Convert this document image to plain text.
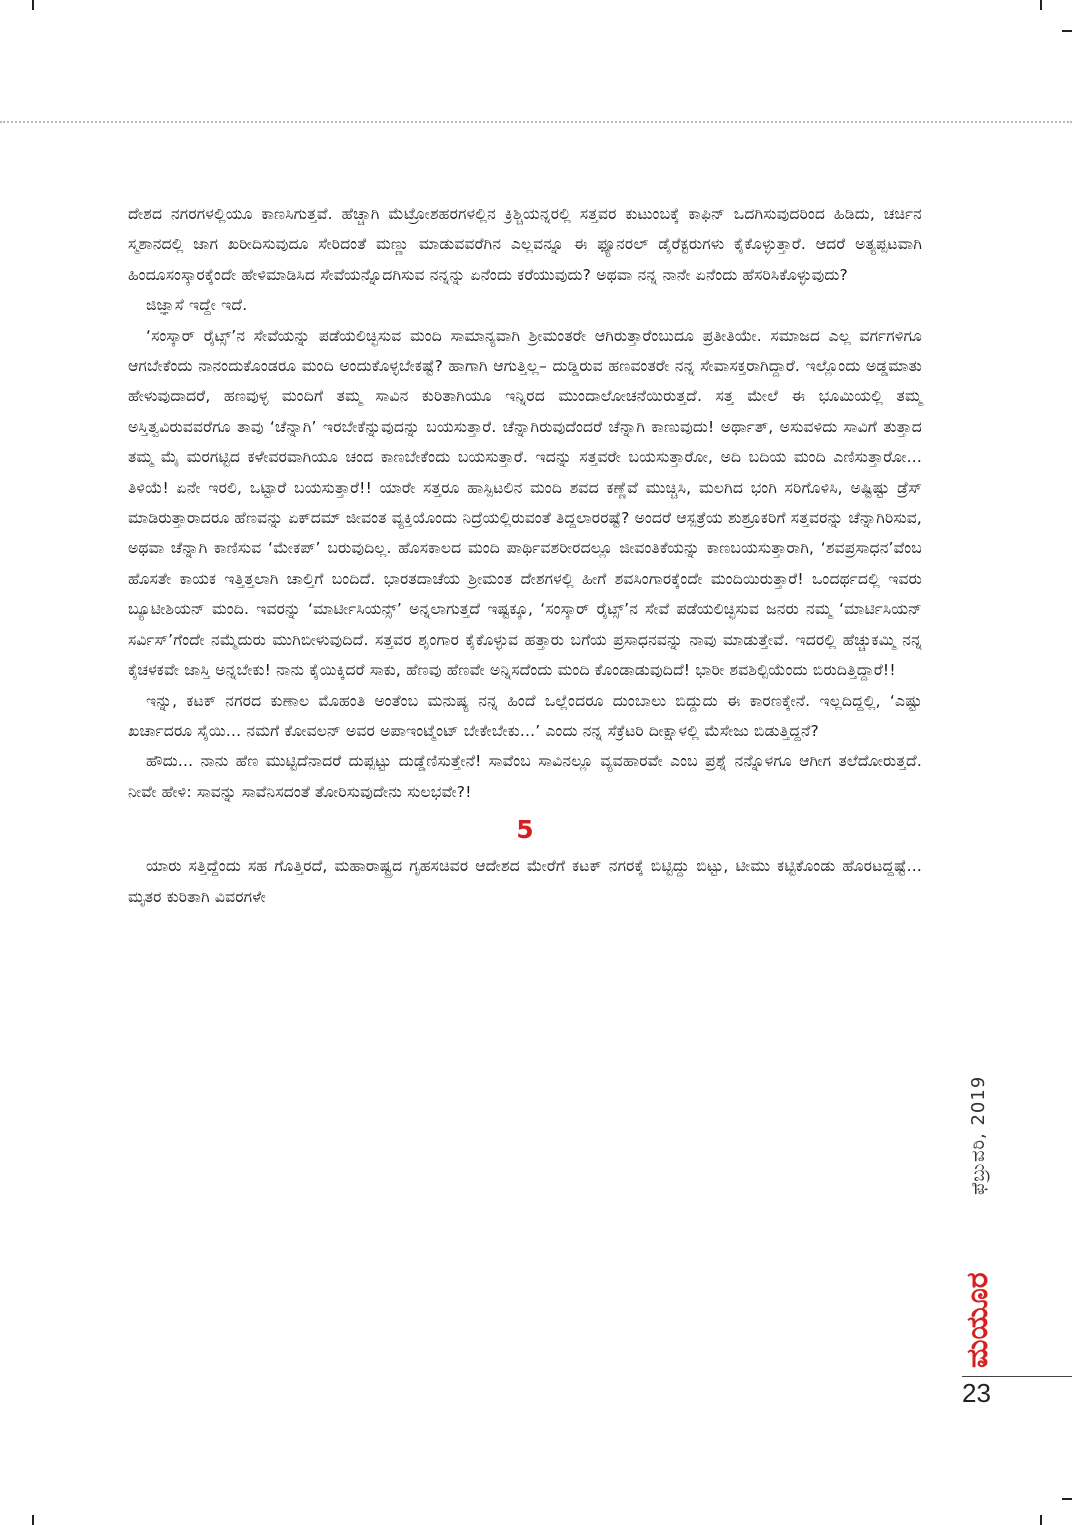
ದೇಶದ ನಗರಗಳಲ್ಲಿಯೂ ಕಾಣಸಿಗುತ್ತವೆ. ಹೆಚ್ಚಾಗಿ ಮೆಟ್ರೋಶಹರಗಳಲ್ಲಿನ ಕ್ರಿಶ್ಚಿಯನ್ನರಲ್ಲಿ ಸತ್ತವರ ಕುಟುಂಬಕ್ಕೆ ಕಾಫಿನ್ ಒದಗಿಸುವುದರಿಂದ ಹಿಡಿದು, ಚರ್ಚಿನ ಸ್ಮಶಾನದಲ್ಲಿ ಜಾಗ ಖರೀದಿಸುವುದೂ ಸೇರಿದಂತೆ ಮಣ್ಣು ಮಾಡುವವರೆಗಿನ ಎಲ್ಲವನ್ನೂ ಈ ಫ್ಯೂನರಲ್ ಡೈರೆಕ್ಟರುಗಳು ಕೈಕೊಳ್ಳುತ್ತಾರೆ. ಆದರೆ ಅತ್ಯಪ್ಪಟವಾಗಿ ಹಿಂದೂಸಂಸ್ಕಾರಕ್ಕೆಂದೇ ಹೇಳಿಮಾಡಿಸಿದ ಸೇವೆಯನ್ನೊದಗಿಸುವ ನನ್ನನ್ನು ಏನೆಂದು ಕರೆಯುವುದು? ಅಥವಾ ನನ್ನ ನಾನೇ ಏನೆಂದು ಹೆಸರಿಸಿಕೊಳ್ಳುವುದು?

ಜಿಜ್ಞಾಸೆ ಇದ್ದೇ ಇದೆ.

‘ಸಂಸ್ಕಾರ್ ರೈಟ್ಸ್’ನ ಸೇವೆಯನ್ನು ಪಡೆಯಲಿಚ್ಛಿಸುವ ಮಂದಿ ಸಾಮಾನ್ಯವಾಗಿ ಶ್ರೀಮಂತರೇ ಆಗಿರುತ್ತಾರೆಂಬುದೂ ಪ್ರತೀತಿಯೇ. ಸಮಾಜದ ಎಲ್ಲ ವರ್ಗಗಳಿಗೂ ಆಗಬೇಕೆಂದು ನಾನಂದುಕೊಂಡರೂ ಮಂದಿ ಅಂದುಕೊಳ್ಳಬೇಕಷ್ಟೆ? ಹಾಗಾಗಿ ಆಗುತ್ತಿಲ್ಲ– ದುಡ್ಡಿರುವ ಹಣವಂತರೇ ನನ್ನ ಸೇವಾಸಕ್ತರಾಗಿದ್ದಾರೆ. ಇಲ್ಲೊಂದು ಅಡ್ಡಮಾತು ಹೇಳುವುದಾದರೆ, ಹಣವುಳ್ಳ ಮಂದಿಗೆ ತಮ್ಮ ಸಾವಿನ ಕುರಿತಾಗಿಯೂ ಇನ್ನಿರದ ಮುಂದಾಲೋಚನೆಯಿರುತ್ತದೆ. ಸತ್ತ ಮೇಲೆ ಈ ಭೂಮಿಯಲ್ಲಿ ತಮ್ಮ ಅಸ್ತಿತ್ವವಿರುವವರೆಗೂ ತಾವು ‘ಚೆನ್ನಾಗಿ’ ಇರಬೇಕೆನ್ನುವುದನ್ನು ಬಯಸುತ್ತಾರೆ. ಚೆನ್ನಾಗಿರುವುದೆಂದರೆ ಚೆನ್ನಾಗಿ ಕಾಣುವುದು! ಅರ್ಥಾತ್, ಅಸುವಳಿದು ಸಾವಿಗೆ ತುತ್ತಾದ ತಮ್ಮ ಮೈ ಮರಗಟ್ಟಿದ ಕಳೇವರವಾಗಿಯೂ ಚಂದ ಕಾಣಬೇಕೆಂದು ಬಯಸುತ್ತಾರೆ. ಇದನ್ನು ಸತ್ತವರೇ ಬಯಸುತ್ತಾರೋ, ಅದಿ ಬದಿಯ ಮಂದಿ ಎಣಿಸುತ್ತಾರೋ... ತಿಳಿಯೆ! ಏನೇ ಇರಲಿ, ಒಟ್ಟಾರೆ ಬಯಸುತ್ತಾರೆ!! ಯಾರೇ ಸತ್ತರೂ ಹಾಸ್ಪಿಟಲಿನ ಮಂದಿ ಶವದ ಕಣ್ಣೆವೆ ಮುಚ್ಚಿಸಿ, ಮಲಗಿದ ಭಂಗಿ ಸರಿಗೊಳಿಸಿ, ಅಷ್ಟಿಷ್ಟು ಡ್ರೆಸ್ ಮಾಡಿರುತ್ತಾರಾದರೂ ಹೆಣವನ್ನು ಏಕ್‌ದಮ್ ಜೀವಂತ ವ್ಯಕ್ತಿಯೊಂದು ನಿದ್ರೆಯಲ್ಲಿರುವಂತೆ ತಿದ್ದಲಾರರಷ್ಟೆ? ಅಂದರೆ ಆಸ್ಪತ್ರೆಯ ಶುಶ್ರೂಕರಿಗೆ ಸತ್ತವರನ್ನು ಚೆನ್ನಾಗಿರಿಸುವ, ಅಥವಾ ಚೆನ್ನಾಗಿ ಕಾಣಿಸುವ ‘ಮೇಕಪ್’ ಬರುವುದಿಲ್ಲ. ಹೊಸಕಾಲದ ಮಂದಿ ಪಾರ್ಥಿವಶರೀರದಲ್ಲೂ ಜೀವಂತಿಕೆಯನ್ನು ಕಾಣಬಯಸುತ್ತಾರಾಗಿ, ‘ಶವಪ್ರಸಾಧನ’ವೆಂಬ ಹೊಸತೇ ಕಾಯಕ ಇತ್ತಿತ್ತಲಾಗಿ ಚಾಲ್ತಿಗೆ ಬಂದಿದೆ. ಭಾರತದಾಚೆಯ ಶ್ರೀಮಂತ ದೇಶಗಳಲ್ಲಿ ಹೀಗೆ ಶವಸಿಂಗಾರಕ್ಕೆಂದೇ ಮಂದಿಯಿರುತ್ತಾರೆ! ಒಂದರ್ಥದಲ್ಲಿ ಇವರು ಬ್ಯೂಟೀಶಿಯನ್ ಮಂದಿ. ಇವರನ್ನು ‘ಮಾರ್ಟೀಸಿಯನ್ಸ್’ ಅನ್ನಲಾಗುತ್ತದೆ ಇಷ್ಟಕ್ಕೂ, ‘ಸಂಸ್ಕಾರ್ ರೈಟ್ಸ್’ನ ಸೇವೆ ಪಡೆಯಲಿಚ್ಛಿಸುವ ಜನರು ನಮ್ಮ ‘ಮಾರ್ಟಿಸಿಯನ್ ಸರ್ವಿಸ್’ಗೆಂದೇ ನಮ್ಮೆದುರು ಮುಗಿಬೀಳುವುದಿದೆ. ಸತ್ತವರ ಶೃಂಗಾರ ಕೈಕೊಳ್ಳುವ ಹತ್ತಾರು ಬಗೆಯ ಪ್ರಸಾಧನವನ್ನು ನಾವು ಮಾಡುತ್ತೇವೆ. ಇದರಲ್ಲಿ ಹೆಚ್ಚುಕಮ್ಮಿ ನನ್ನ ಕೈಚಳಕವೇ ಜಾಸ್ತಿ ಅನ್ನಬೇಕು! ನಾನು ಕೈಯಿಕ್ಕಿದರೆ ಸಾಕು, ಹೆಣವು ಹೆಣವೇ ಅನ್ನಿಸದೆಂದು ಮಂದಿ ಕೊಂಡಾಡುವುದಿದೆ! ಭಾರೀ ಶವಶಿಲ್ಪಿಯೆಂದು ಬಿರುದಿತ್ತಿದ್ದಾರೆ!!

ಇನ್ನು, ಕಟಕ್ ನಗರದ ಕುಣಾಲ ಮೊಹಂತಿ ಅಂತೆಂಬ ಮನುಷ್ಯ ನನ್ನ ಹಿಂದೆ ಒಲ್ಲೆಂದರೂ ದುಂಬಾಲು ಬಿದ್ದುದು ಈ ಕಾರಣಕ್ಕೇನೆ. ಇಲ್ಲದಿದ್ದಲ್ಲಿ, ‘ಎಷ್ಟು ಖರ್ಚಾದರೂ ಸೈಯಿ... ನಮಗೆ ಕೋವಲನ್ ಅವರ ಅಪಾಇಂಟ್ಮೆಂಟ್ ಬೇಕೇಬೇಕು...’ ಎಂದು ನನ್ನ ಸೆಕ್ರೆಟರಿ ದೀಕ್ಷಾಳಲ್ಲಿ ಮೆಸೇಜು ಬಿಡುತ್ತಿದ್ದನೆ?

ಹೌದು... ನಾನು ಹೆಣ ಮುಟ್ಟಿದೆನಾದರೆ ದುಪ್ಪಟ್ಟು ದುಡ್ಡೆಣಿಸುತ್ತೇನೆ! ಸಾವೆಂಬ ಸಾವಿನಲ್ಲೂ ವ್ಯವಹಾರವೇ ಎಂಬ ಪ್ರಶ್ನೆ ನನ್ನೊಳಗೂ ಆಗೀಗ ತಲೆದೋರುತ್ತದೆ. ನೀವೇ ಹೇಳಿ: ಸಾವನ್ನು ಸಾವೆನಿಸದಂತೆ ತೋರಿಸುವುದೇನು ಸುಲಭವೇ?!

5

ಯಾರು ಸತ್ತಿದ್ದೆಂದು ಸಹ ಗೊತ್ತಿರದೆ, ಮಹಾರಾಷ್ಟ್ರದ ಗೃಹಸಚಿವರ ಆದೇಶದ ಮೇರೆಗೆ ಕಟಕ್ ನಗರಕ್ಕೆ ಬಿಟ್ಟಿದ್ದು ಬಿಟ್ಟು, ಟೀಮು ಕಟ್ಟಿಕೊಂಡು ಹೊರಟದ್ದಷ್ಟೆ... ಮೃತರ ಕುರಿತಾಗಿ ವಿವರಗಳೇ

ಫೆಬ್ರುವರಿ, 2019
ಮಯೂರ
23
